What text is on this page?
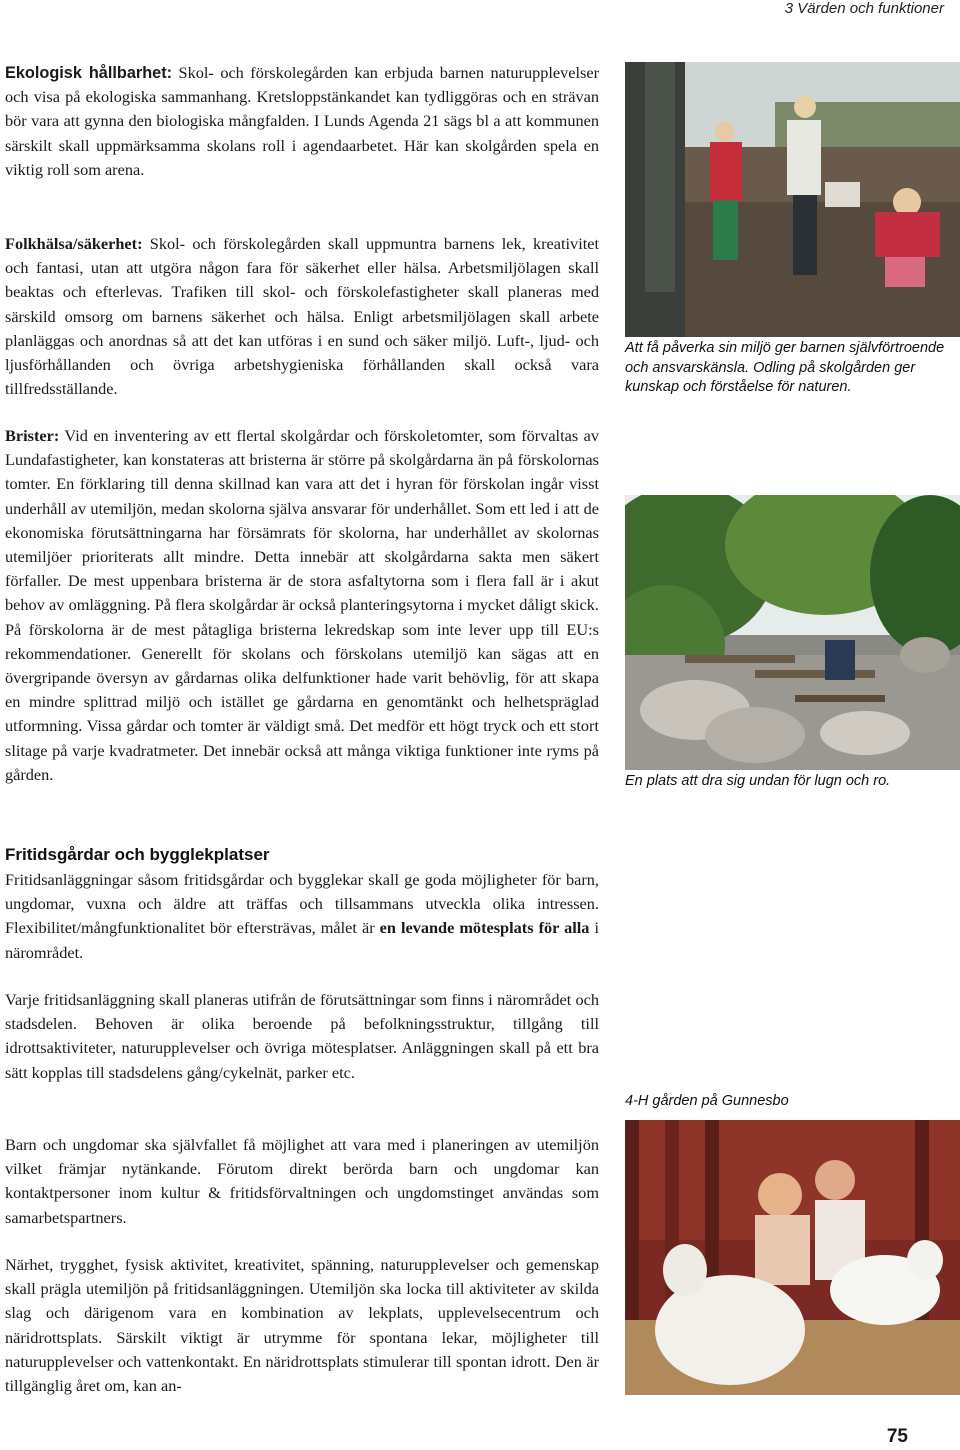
3 Värden och funktioner

Ekologisk hållbarhet: Skol- och förskolegården kan erbjuda barnen naturupplevelser och visa på ekologiska sammanhang. Kretsloppstänkandet kan tydliggöras och en strävan bör vara att gynna den biologiska mångfalden. I Lunds Agenda 21 sägs bl a att kommunen särskilt skall uppmärksamma skolans roll i agendaarbetet. Här kan skolgården spela en viktig roll som arena.

Folkhälsa/säkerhet: Skol- och förskolegården skall uppmuntra barnens lek, kreativitet och fantasi, utan att utgöra någon fara för säkerhet eller hälsa. Arbetsmiljölagen skall beaktas och efterlevas. Trafiken till skol- och förskolefastigheter skall planeras med särskild omsorg om barnens säkerhet och hälsa. Enligt arbetsmiljölagen skall arbete planläggas och anordnas så att det kan utföras i en sund och säker miljö. Luft-, ljud- och ljusförhållanden och övriga arbetshygieniska förhållanden skall också vara tillfredsställande.

Brister: Vid en inventering av ett flertal skolgårdar och förskoletomter, som förvaltas av Lundafastigheter, kan konstateras att bristerna är större på skolgårdarna än på förskolornas tomter. En förklaring till denna skillnad kan vara att det i hyran för förskolan ingår visst underhåll av utemiljön, medan skolorna själva ansvarar för underhållet. Som ett led i att de ekonomiska förutsättningarna har försämrats för skolorna, har underhållet av skolornas utemiljöer prioriterats allt mindre. Detta innebär att skolgårdarna sakta men säkert förfaller. De mest uppenbara bristerna är de stora asfaltytorna som i flera fall är i akut behov av omläggning. På flera skolgårdar är också planteringsytorna i mycket dåligt skick. På förskolorna är de mest påtagliga bristerna lekredskap som inte lever upp till EU:s rekommendationer. Generellt för skolans och förskolans utemiljö kan sägas att en övergripande översyn av gårdarnas olika delfunktioner hade varit behövlig, för att skapa en mindre splittrad miljö och istället ge gårdarna en genomtänkt och helhetspräglad utformning. Vissa gårdar och tomter är väldigt små. Det medför ett högt tryck och ett stort slitage på varje kvadratmeter. Det innebär också att många viktiga funktioner inte ryms på gården.

Fritidsgårdar och bygglekplatser

Fritidsanläggningar såsom fritidsgårdar och bygglekar skall ge goda möjligheter för barn, ungdomar, vuxna och äldre att träffas och tillsammans utveckla olika intressen. Flexibilitet/mångfunktionalitet bör eftersträvas, målet är en levande mötesplats för alla i närområdet.

Varje fritidsanläggning skall planeras utifrån de förutsättningar som finns i närområdet och stadsdelen. Behoven är olika beroende på befolkningsstruktur, tillgång till idrottsaktiviteter, naturupplevelser och övriga mötesplatser. Anläggningen skall på ett bra sätt kopplas till stadsdelens gång/cykelnät, parker etc.

Barn och ungdomar ska självfallet få möjlighet att vara med i planeringen av utemiljön vilket främjar nytänkande. Förutom direkt berörda barn och ungdomar kan kontaktpersoner inom kultur & fritidsförvaltningen och ungdomstinget användas som samarbetspartners.

Närhet, trygghet, fysisk aktivitet, kreativitet, spänning, naturupplevelser och gemenskap skall prägla utemiljön på fritidsanläggningen. Utemiljön ska locka till aktiviteter av skilda slag och därigenom vara en kombination av lekplats, upplevelsecentrum och näridrottsplats. Särskilt viktigt är utrymme för spontana lekar, möjligheter till naturupplevelser och vattenkontakt. En näridrottsplats stimulerar till spontan idrott. Den är tillgänglig året om, kan an-

Att få påverka sin miljö ger barnen självförtroende och ansvarskänsla. Odling på skolgården ger kunskap och förståelse för naturen.
En plats att dra sig undan för lugn och ro.
4-H gården på Gunnesbo
75
